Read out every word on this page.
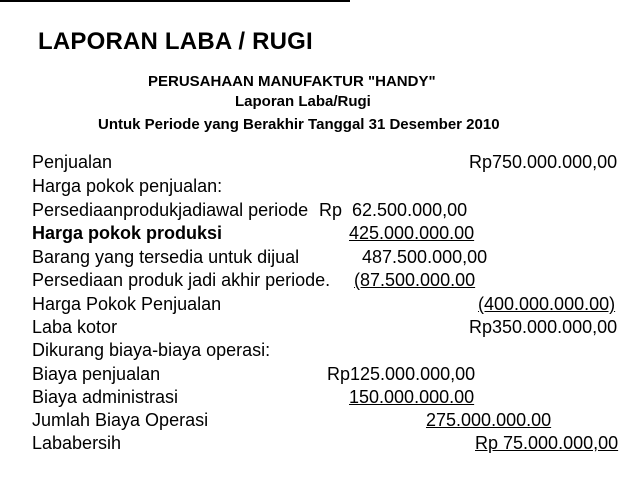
LAPORAN LABA / RUGI
PERUSAHAAN MANUFAKTUR "HANDY"
Laporan Laba/Rugi
Untuk Periode yang Berakhir Tanggal 31 Desember 2010
Penjualan	Rp750.000.000,00
Harga pokok penjualan:
Persediaanprodukjadiawal periode Rp  62.500.000,00
Harga pokok produksi	425.000.000.00
Barang yang tersedia untuk dijual	487.500.000,00
Persediaan produk jadi akhir periode. (87.500.000.00
Harga Pokok Penjualan	(400.000.000.00)
Laba kotor	Rp350.000.000,00
Dikurang biaya-biaya operasi:
Biaya penjualan	Rp125.000.000,00
Biaya administrasi	150.000.000.00
Jumlah Biaya Operasi	275.000.000.00
Lababersih	Rp 75.000.000,00
